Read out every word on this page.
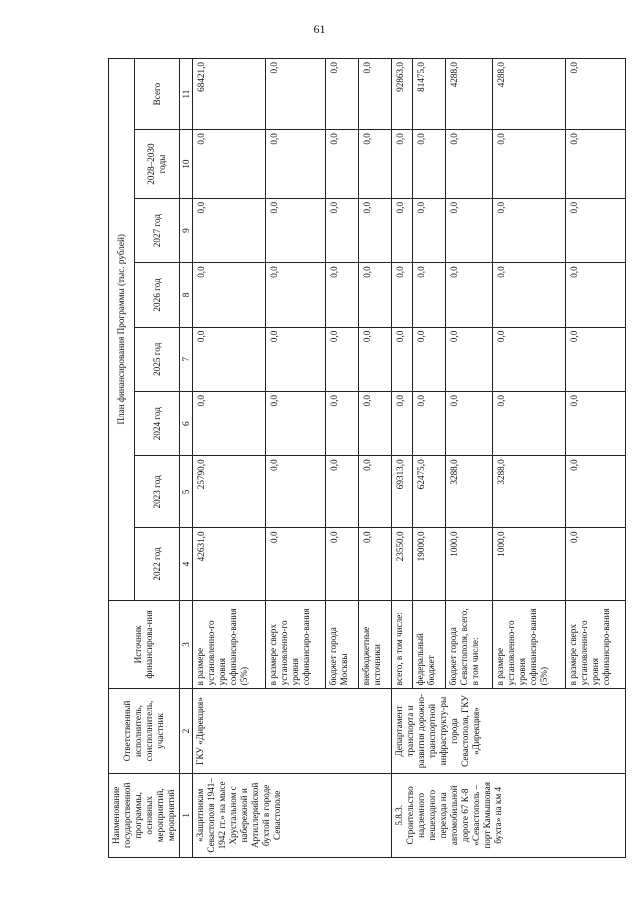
61
Наименование государственной программы, основных мероприятий, мероприятий	Ответственный исполнитель, соисполнитель, участник	Источник финансирова-ния	План финансирования Программы (тыс. рублей)							
			2022 год	2023 год	2024 год	2025 год	2026 год	2027 год	2028–2030 годы	Всего
1	2	3	4	5	6	7	8	9	10	11
«Защитникам Севастополя 1941–1942 гг.» на мысе Хрустальном с набережной и Артиллерийской бухтой в городе Севастополе	ГКУ «Дирекция»	в размере установленно-го уровня софинансиро-вания (5%)	42631,0	25790,0	0,0	0,0	0,0	0,0	0,0	68421,0
		в размере сверх установленно-го уровня софинансиро-вания	0,0	0,0	0,0	0,0	0,0	0,0	0,0	0,0
		бюджет города Москвы	0,0	0,0	0,0	0,0	0,0	0,0	0,0	0,0
		внебюджетные источники	0,0	0,0	0,0	0,0	0,0	0,0	0,0	0,0
5.8.3. Строительство надземного пешеходного перехода на автомобильной дороге 67 К-8 «Севастополь – порт Камышовая бухта» на км 4	Департамент транспорта и развития дорожно-транспортной инфраструкту-ры города Севастополя, ГКУ «Дирекция»	всего, в том числе:	23550,0	69313,0	0,0	0,0	0,0	0,0	0,0	92863,0
		федеральный бюджет	19000,0	62475,0	0,0	0,0	0,0	0,0	0,0	81475,0
		бюджет города Севастополя, всего, в том числе:	1000,0	3288,0	0,0	0,0	0,0	0,0	0,0	4288,0
		в размере установленно-го уровня софинансиро-вания (5%)	1000,0	3288,0	0,0	0,0	0,0	0,0	0,0	4288,0
		в размере сверх установленно-го уровня софинансиро-вания	0,0	0,0	0,0	0,0	0,0	0,0	0,0	0,0
